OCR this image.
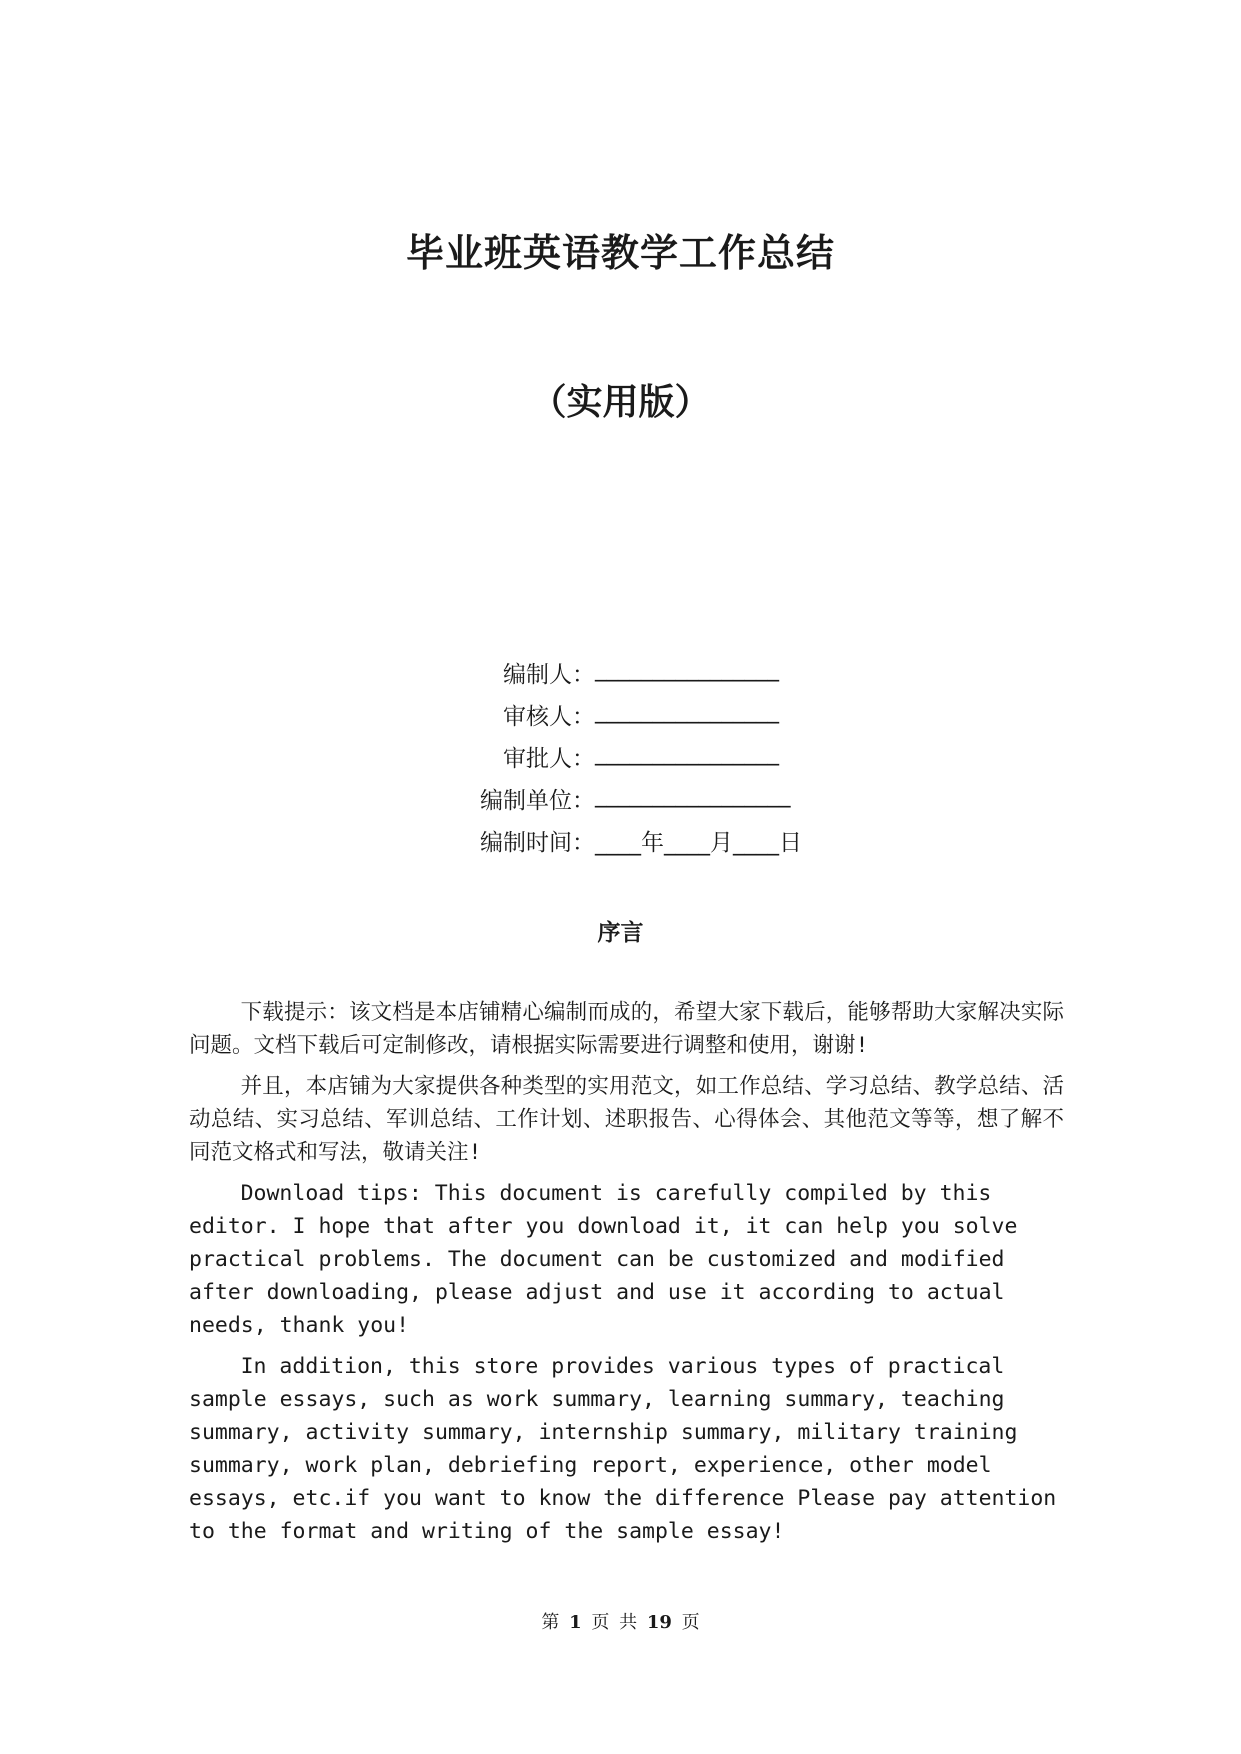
毕业班英语教学工作总结
（实用版）

编制人：

________________

审核人：

________________

审批人：

________________

编制单位：

_________________

编制时间：

____年____月____日

序言

下载提示：该文档是本店铺精心编制而成的，希望大家下载后，能够帮助大家解决实际问题。文档下载后可定制修改，请根据实际需要进行调整和使用，谢谢!

并且，本店铺为大家提供各种类型的实用范文，如工作总结、学习总结、教学总结、活动总结、实习总结、军训总结、工作计划、述职报告、心得体会、其他范文等等，想了解不同范文格式和写法，敬请关注!

Download tips: This document is carefully compiled by this editor. I hope that after you download it, it can help you solve practical problems. The document can be customized and modified after downloading, please adjust and use it according to actual needs, thank you!

In addition, this store provides various types of practical sample essays, such as work summary, learning summary, teaching summary, activity summary, internship summary, military training summary, work plan, debriefing report, experience, other model essays, etc.if you want to know the difference Please pay attention to the format and writing of the sample essay!

第 1 页 共 19 页
